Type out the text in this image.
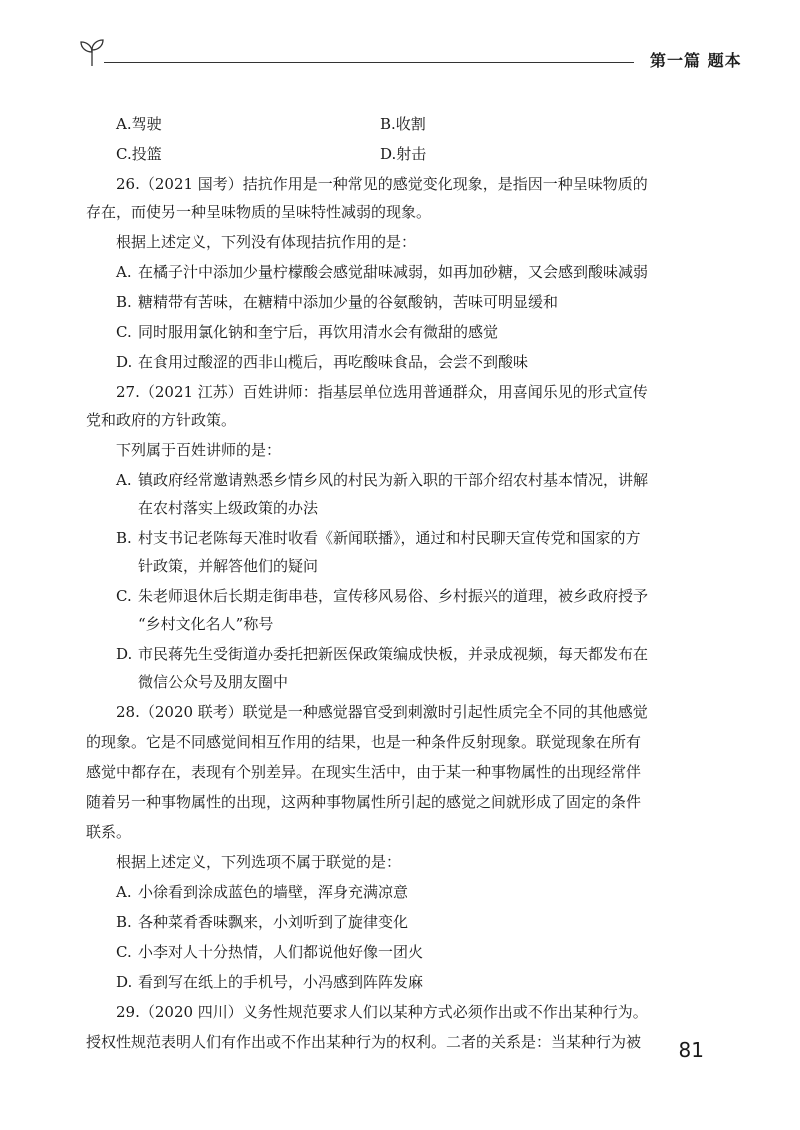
第一篇 题本
A.驾驶	B.收割
C.投篮	D.射击

26.（2021 国考）拮抗作用是一种常见的感觉变化现象，是指因一种呈味物质的

存在，而使另一种呈味物质的呈味特性减弱的现象。

根据上述定义，下列没有体现拮抗作用的是：

A. 在橘子汁中添加少量柠檬酸会感觉甜味减弱，如再加砂糖，又会感到酸味减弱
B. 糖精带有苦味，在糖精中添加少量的谷氨酸钠，苦味可明显缓和
C. 同时服用氯化钠和奎宁后，再饮用清水会有微甜的感觉
D. 在食用过酸涩的西非山榄后，再吃酸味食品，会尝不到酸味

27.（2021 江苏）百姓讲师：指基层单位选用普通群众，用喜闻乐见的形式宣传

党和政府的方针政策。

下列属于百姓讲师的是：

A. 镇政府经常邀请熟悉乡情乡风的村民为新入职的干部介绍农村基本情况，讲解
在农村落实上级政策的办法
B. 村支书记老陈每天准时收看《新闻联播》，通过和村民聊天宣传党和国家的方
针政策，并解答他们的疑问
C. 朱老师退休后长期走街串巷，宣传移风易俗、乡村振兴的道理，被乡政府授予
“乡村文化名人”称号
D. 市民蒋先生受街道办委托把新医保政策编成快板，并录成视频，每天都发布在
微信公众号及朋友圈中

28.（2020 联考）联觉是一种感觉器官受到刺激时引起性质完全不同的其他感觉

的现象。它是不同感觉间相互作用的结果，也是一种条件反射现象。联觉现象在所有

感觉中都存在，表现有个别差异。在现实生活中，由于某一种事物属性的出现经常伴

随着另一种事物属性的出现，这两种事物属性所引起的感觉之间就形成了固定的条件

联系。

根据上述定义，下列选项不属于联觉的是：

A. 小徐看到涂成蓝色的墙壁，浑身充满凉意
B. 各种菜肴香味飘来，小刘听到了旋律变化
C. 小李对人十分热情，人们都说他好像一团火
D. 看到写在纸上的手机号，小冯感到阵阵发麻

29.（2020 四川）义务性规范要求人们以某种方式必须作出或不作出某种行为。

授权性规范表明人们有作出或不作出某种行为的权利。二者的关系是：当某种行为被	81
